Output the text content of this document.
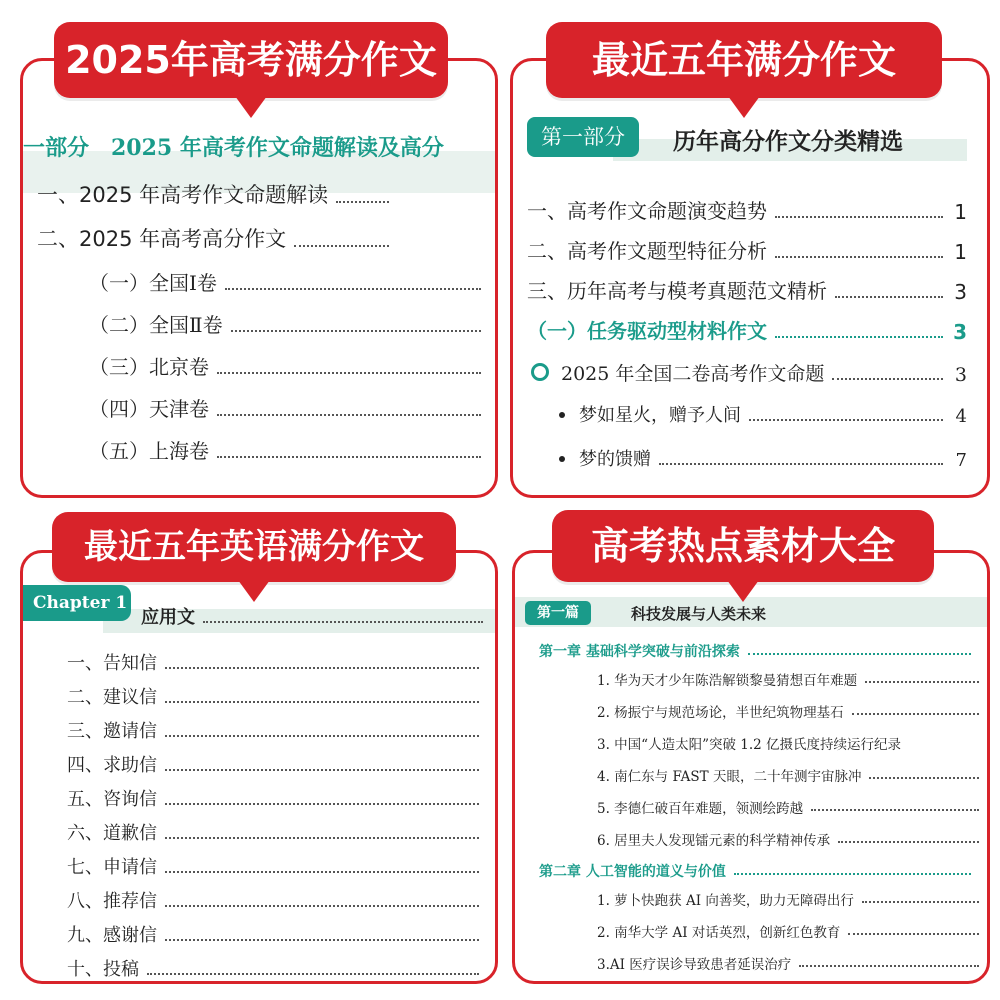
一部分　2025 年高考作文命题解读及高分
一、2025 年高考作文命题解读
二、2025 年高考高分作文
（一）全国Ⅰ卷
（二）全国Ⅱ卷
（三）北京卷
（四）天津卷
（五）上海卷
2025年高考满分作文
第一部分	历年高分作文分类精选
一、高考作文命题演变趋势	1
二、高考作文题型特征分析	1
三、历年高考与模考真题范文精析	3
（一）任务驱动型材料作文	3
2025 年全国二卷高考作文命题	3
梦如星火，赠予人间	4
梦的馈赠	7
最近五年满分作文
Chapter 1
应用文
一、告知信
二、建议信
三、邀请信
四、求助信
五、咨询信
六、道歉信
七、申请信
八、推荐信
九、感谢信
十、投稿
最近五年英语满分作文
第一篇	科技发展与人类未来
第一章 基础科学突破与前沿探索
1. 华为天才少年陈浩解锁黎曼猜想百年难题
2. 杨振宁与规范场论，半世纪筑物理基石
3. 中国“人造太阳”突破 1.2 亿摄氏度持续运行纪录
4. 南仁东与 FAST 天眼，二十年测宇宙脉冲
5. 李德仁破百年难题，领测绘跨越
6. 居里夫人发现镭元素的科学精神传承
第二章 人工智能的道义与价值
1. 萝卜快跑获 AI 向善奖，助力无障碍出行
2. 南华大学 AI 对话英烈，创新红色教育
3.AI 医疗误诊导致患者延误治疗
高考热点素材大全
